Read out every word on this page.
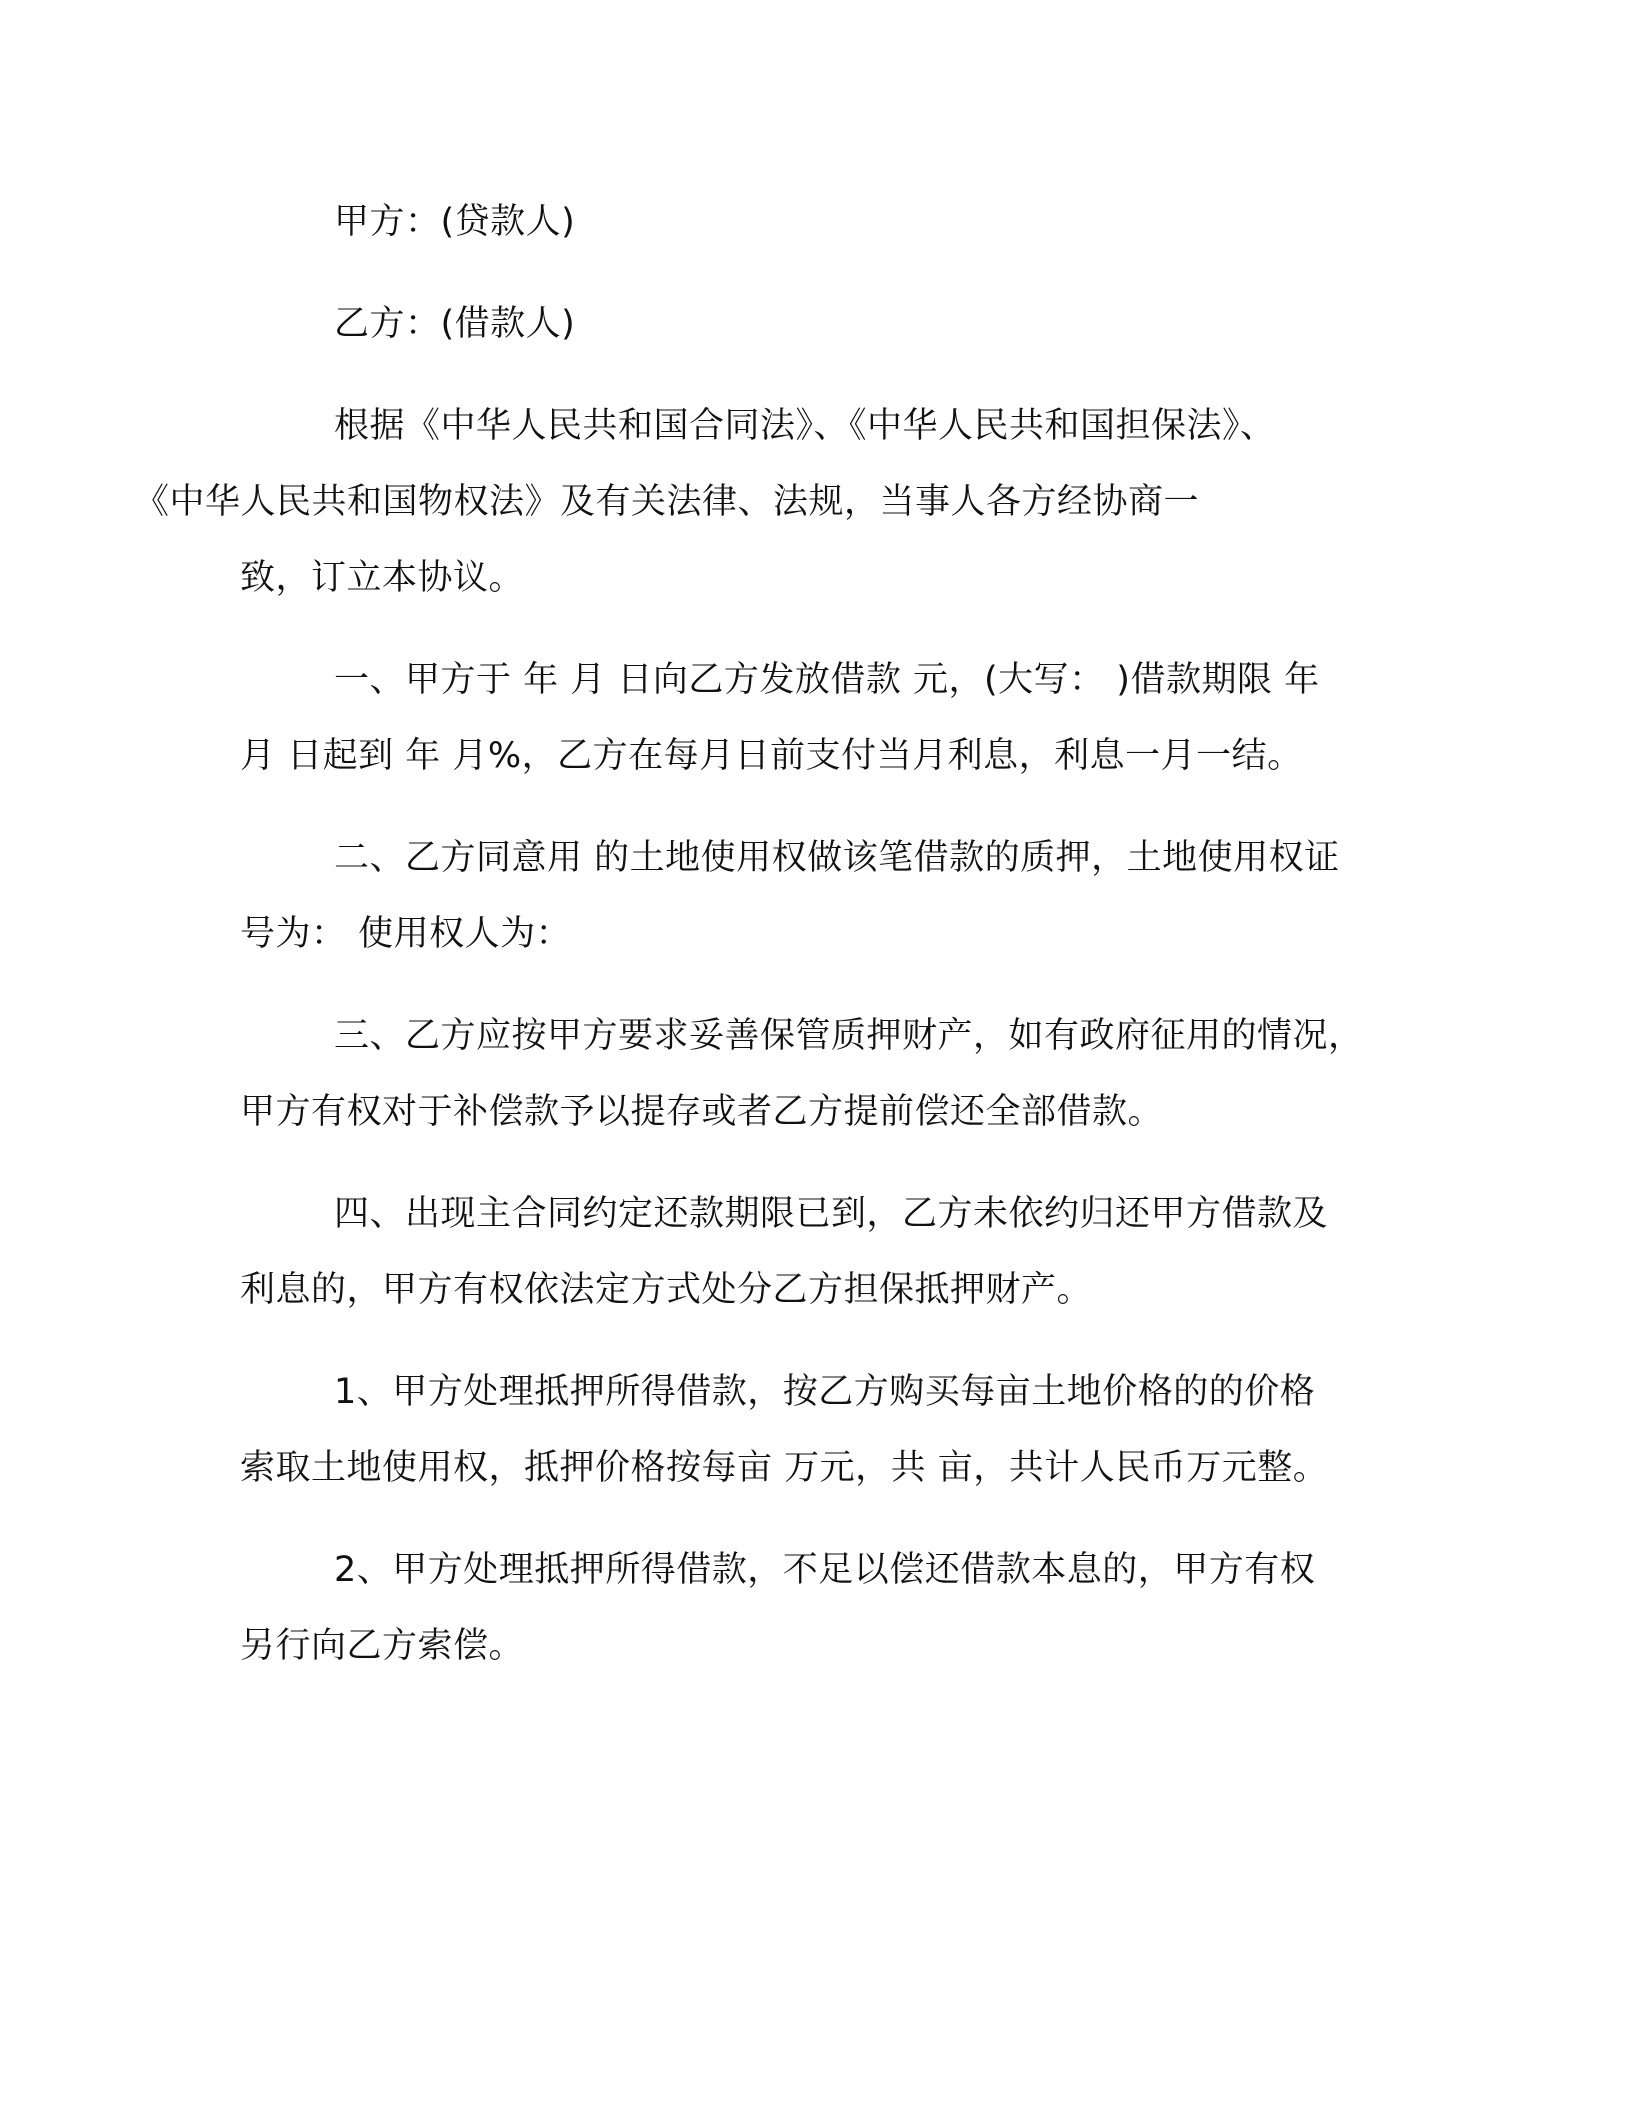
甲方：(贷款人)

乙方：(借款人)

根据《中华人民共和国合同法》、《中华人民共和国担保法》、
《中华人民共和国物权法》及有关法律、法规，当事人各方经协商一
致，订立本协议。

一、甲方于 年 月 日向乙方发放借款 元，(大写： )借款期限 年
月 日起到 年 月%，乙方在每月日前支付当月利息，利息一月一结。

二、乙方同意用 的土地使用权做该笔借款的质押，土地使用权证
号为： 使用权人为：

三、乙方应按甲方要求妥善保管质押财产，如有政府征用的情况，
甲方有权对于补偿款予以提存或者乙方提前偿还全部借款。

四、出现主合同约定还款期限已到，乙方未依约归还甲方借款及
利息的，甲方有权依法定方式处分乙方担保抵押财产。

1、甲方处理抵押所得借款，按乙方购买每亩土地价格的的价格
索取土地使用权，抵押价格按每亩 万元，共 亩，共计人民币万元整。

2、甲方处理抵押所得借款，不足以偿还借款本息的，甲方有权
另行向乙方索偿。
